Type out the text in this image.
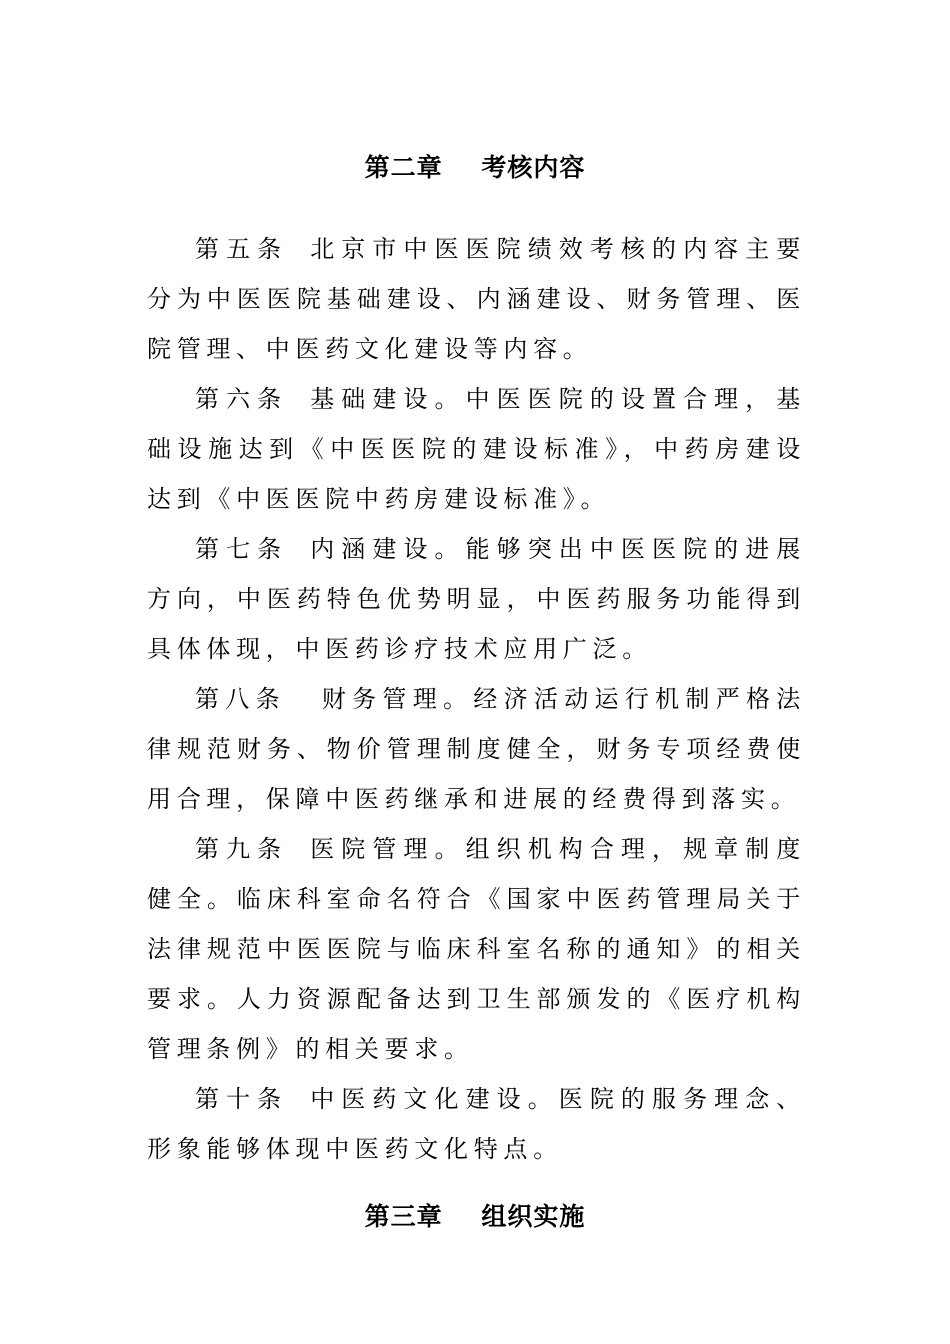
第二章    考核内容

第五条 北京市中医医院绩效考核的内容主要分为中医医院基础建设、内涵建设、财务管理、医院管理、中医药文化建设等内容。

第六条 基础建设。中医医院的设置合理，基础设施达到《中医医院的建设标准》，中药房建设达到《中医医院中药房建设标准》。

第七条 内涵建设。能够突出中医医院的进展方向，中医药特色优势明显，中医药服务功能得到具体体现，中医药诊疗技术应用广泛。

第八条 财务管理。经济活动运行机制严格法律规范财务、物价管理制度健全，财务专项经费使用合理，保障中医药继承和进展的经费得到落实。

第九条 医院管理。组织机构合理，规章制度健全。临床科室命名符合《国家中医药管理局关于法律规范中医医院与临床科室名称的通知》的相关要求。人力资源配备达到卫生部颁发的《医疗机构管理条例》的相关要求。

第十条 中医药文化建设。医院的服务理念、形象能够体现中医药文化特点。

第三章    组织实施
